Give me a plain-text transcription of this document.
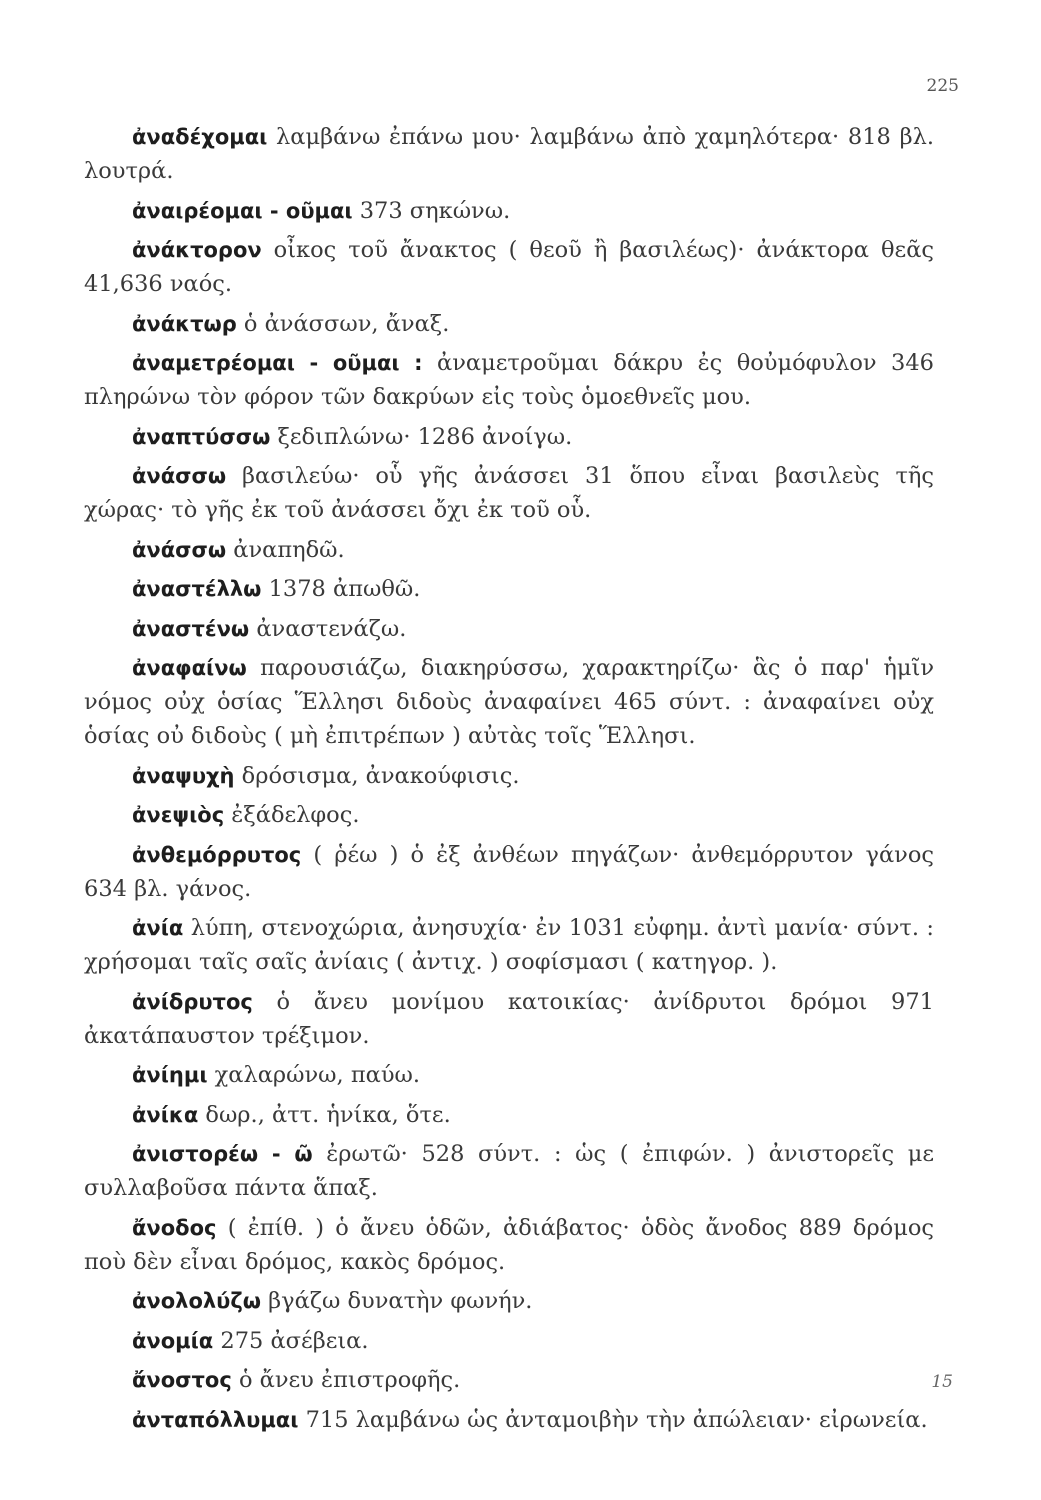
225

ἀναδέχομαι λαμβάνω ἐπάνω μου· λαμβάνω ἀπὸ χαμηλότερα· 818 βλ. λουτρά.

ἀναιρέομαι - οῦμαι 373 σηκώνω.

ἀνάκτορον οἶκος τοῦ ἄνακτος ( θεοῦ ἢ βασιλέως)· ἀνάκτορα θεᾶς 41,636 ναός.

ἀνάκτωρ ὁ ἀνάσσων, ἄναξ.

ἀναμετρέομαι - οῦμαι : ἀναμετροῦμαι δάκρυ ἐς θοὐμόφυλον 346 πληρώνω τὸν φόρον τῶν δακρύων εἰς τοὺς ὁμοεθνεῖς μου.

ἀναπτύσσω ξεδιπλώνω· 1286 ἀνοίγω.

ἀνάσσω βασιλεύω· οὗ γῆς ἀνάσσει 31 ὅπου εἶναι βασιλεὺς τῆς χώρας· τὸ γῆς ἐκ τοῦ ἀνάσσει ὄχι ἐκ τοῦ οὗ.

ἀνάσσω ἀναπηδῶ.

ἀναστέλλω 1378 ἀπωθῶ.

ἀναστένω ἀναστενάζω.

ἀναφαίνω παρουσιάζω, διακηρύσσω, χαρακτηρίζω· ἃς ὁ παρ' ἡμῖν νόμος οὐχ ὁσίας Ἕλλησι διδοὺς ἀναφαίνει 465 σύντ. : ἀναφαίνει οὐχ ὁσίας οὐ διδοὺς ( μὴ ἐπιτρέπων ) αὐτὰς τοῖς Ἕλλησι.

ἀναψυχὴ δρόσισμα, ἀνακούφισις.

ἀνεψιὸς ἐξάδελφος.

ἀνθεμόρρυτος ( ῥέω ) ὁ ἐξ ἀνθέων πηγάζων· ἀνθεμόρρυτον γάνος 634 βλ. γάνος.

ἀνία λύπη, στενοχώρια, ἀνησυχία· ἐν 1031 εὐφημ. ἀντὶ μανία· σύντ. : χρήσομαι ταῖς σαῖς ἀνίαις ( ἀντιχ. ) σοφίσμασι ( κατηγορ. ).

ἀνίδρυτος ὁ ἄνευ μονίμου κατοικίας· ἀνίδρυτοι δρόμοι 971 ἀκατάπαυστον τρέξιμον.

ἀνίημι χαλαρώνω, παύω.

ἀνίκα δωρ., ἀττ. ἡνίκα, ὅτε.

ἀνιστορέω - ῶ ἐρωτῶ· 528 σύντ. : ὡς ( ἐπιφών. ) ἀνιστορεῖς με συλλαβοῦσα πάντα ἅπαξ.

ἄνοδος ( ἐπίθ. ) ὁ ἄνευ ὁδῶν, ἀδιάβατος· ὁδὸς ἄνοδος 889 δρόμος ποὺ δὲν εἶναι δρόμος, κακὸς δρόμος.

ἀνολολύζω βγάζω δυνατὴν φωνήν.

ἀνομία 275 ἀσέβεια.

ἄνοστος ὁ ἄνευ ἐπιστροφῆς.

ἀνταπόλλυμαι 715 λαμβάνω ὡς ἀνταμοιβὴν τὴν ἀπώλειαν· εἰρωνεία.

15
